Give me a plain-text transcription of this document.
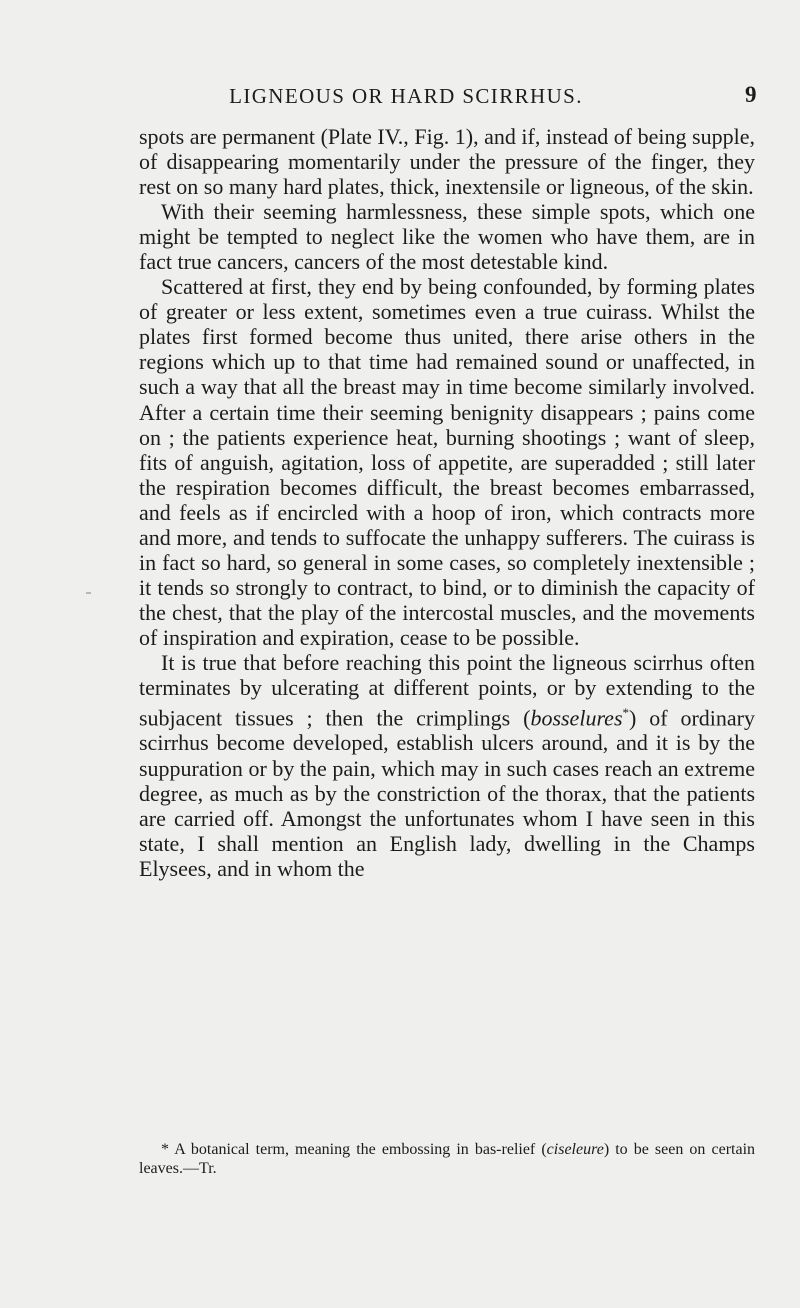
LIGNEOUS OR HARD SCIRRHUS.	9

spots are permanent (Plate IV., Fig. 1), and if, instead of being supple, of disappearing momentarily under the pressure of the finger, they rest on so many hard plates, thick, inextensile or ligneous, of the skin.

With their seeming harmlessness, these simple spots, which one might be tempted to neglect like the women who have them, are in fact true cancers, cancers of the most detestable kind.

Scattered at first, they end by being confounded, by forming plates of greater or less extent, sometimes even a true cuirass. Whilst the plates first formed become thus united, there arise others in the regions which up to that time had remained sound or unaffected, in such a way that all the breast may in time become similarly involved. After a certain time their seeming benignity disappears ; pains come on ; the patients experience heat, burning shootings ; want of sleep, fits of anguish, agitation, loss of appetite, are superadded ; still later the respiration becomes difficult, the breast becomes embarrassed, and feels as if encircled with a hoop of iron, which contracts more and more, and tends to suffocate the unhappy sufferers. The cuirass is in fact so hard, so general in some cases, so completely inextensible ; it tends so strongly to contract, to bind, or to diminish the capacity of the chest, that the play of the intercostal muscles, and the movements of inspiration and expiration, cease to be possible.

It is true that before reaching this point the ligneous scirrhus often terminates by ulcerating at different points, or by extending to the subjacent tissues ; then the crimplings (bosselures*) of ordinary scirrhus become developed, establish ulcers around, and it is by the suppuration or by the pain, which may in such cases reach an extreme degree, as much as by the constriction of the thorax, that the patients are carried off. Amongst the unfortunates whom I have seen in this state, I shall mention an English lady, dwelling in the Champs Elysees, and in whom the

* A botanical term, meaning the embossing in bas-relief (ciseleure) to be seen on certain leaves.—Tr.
